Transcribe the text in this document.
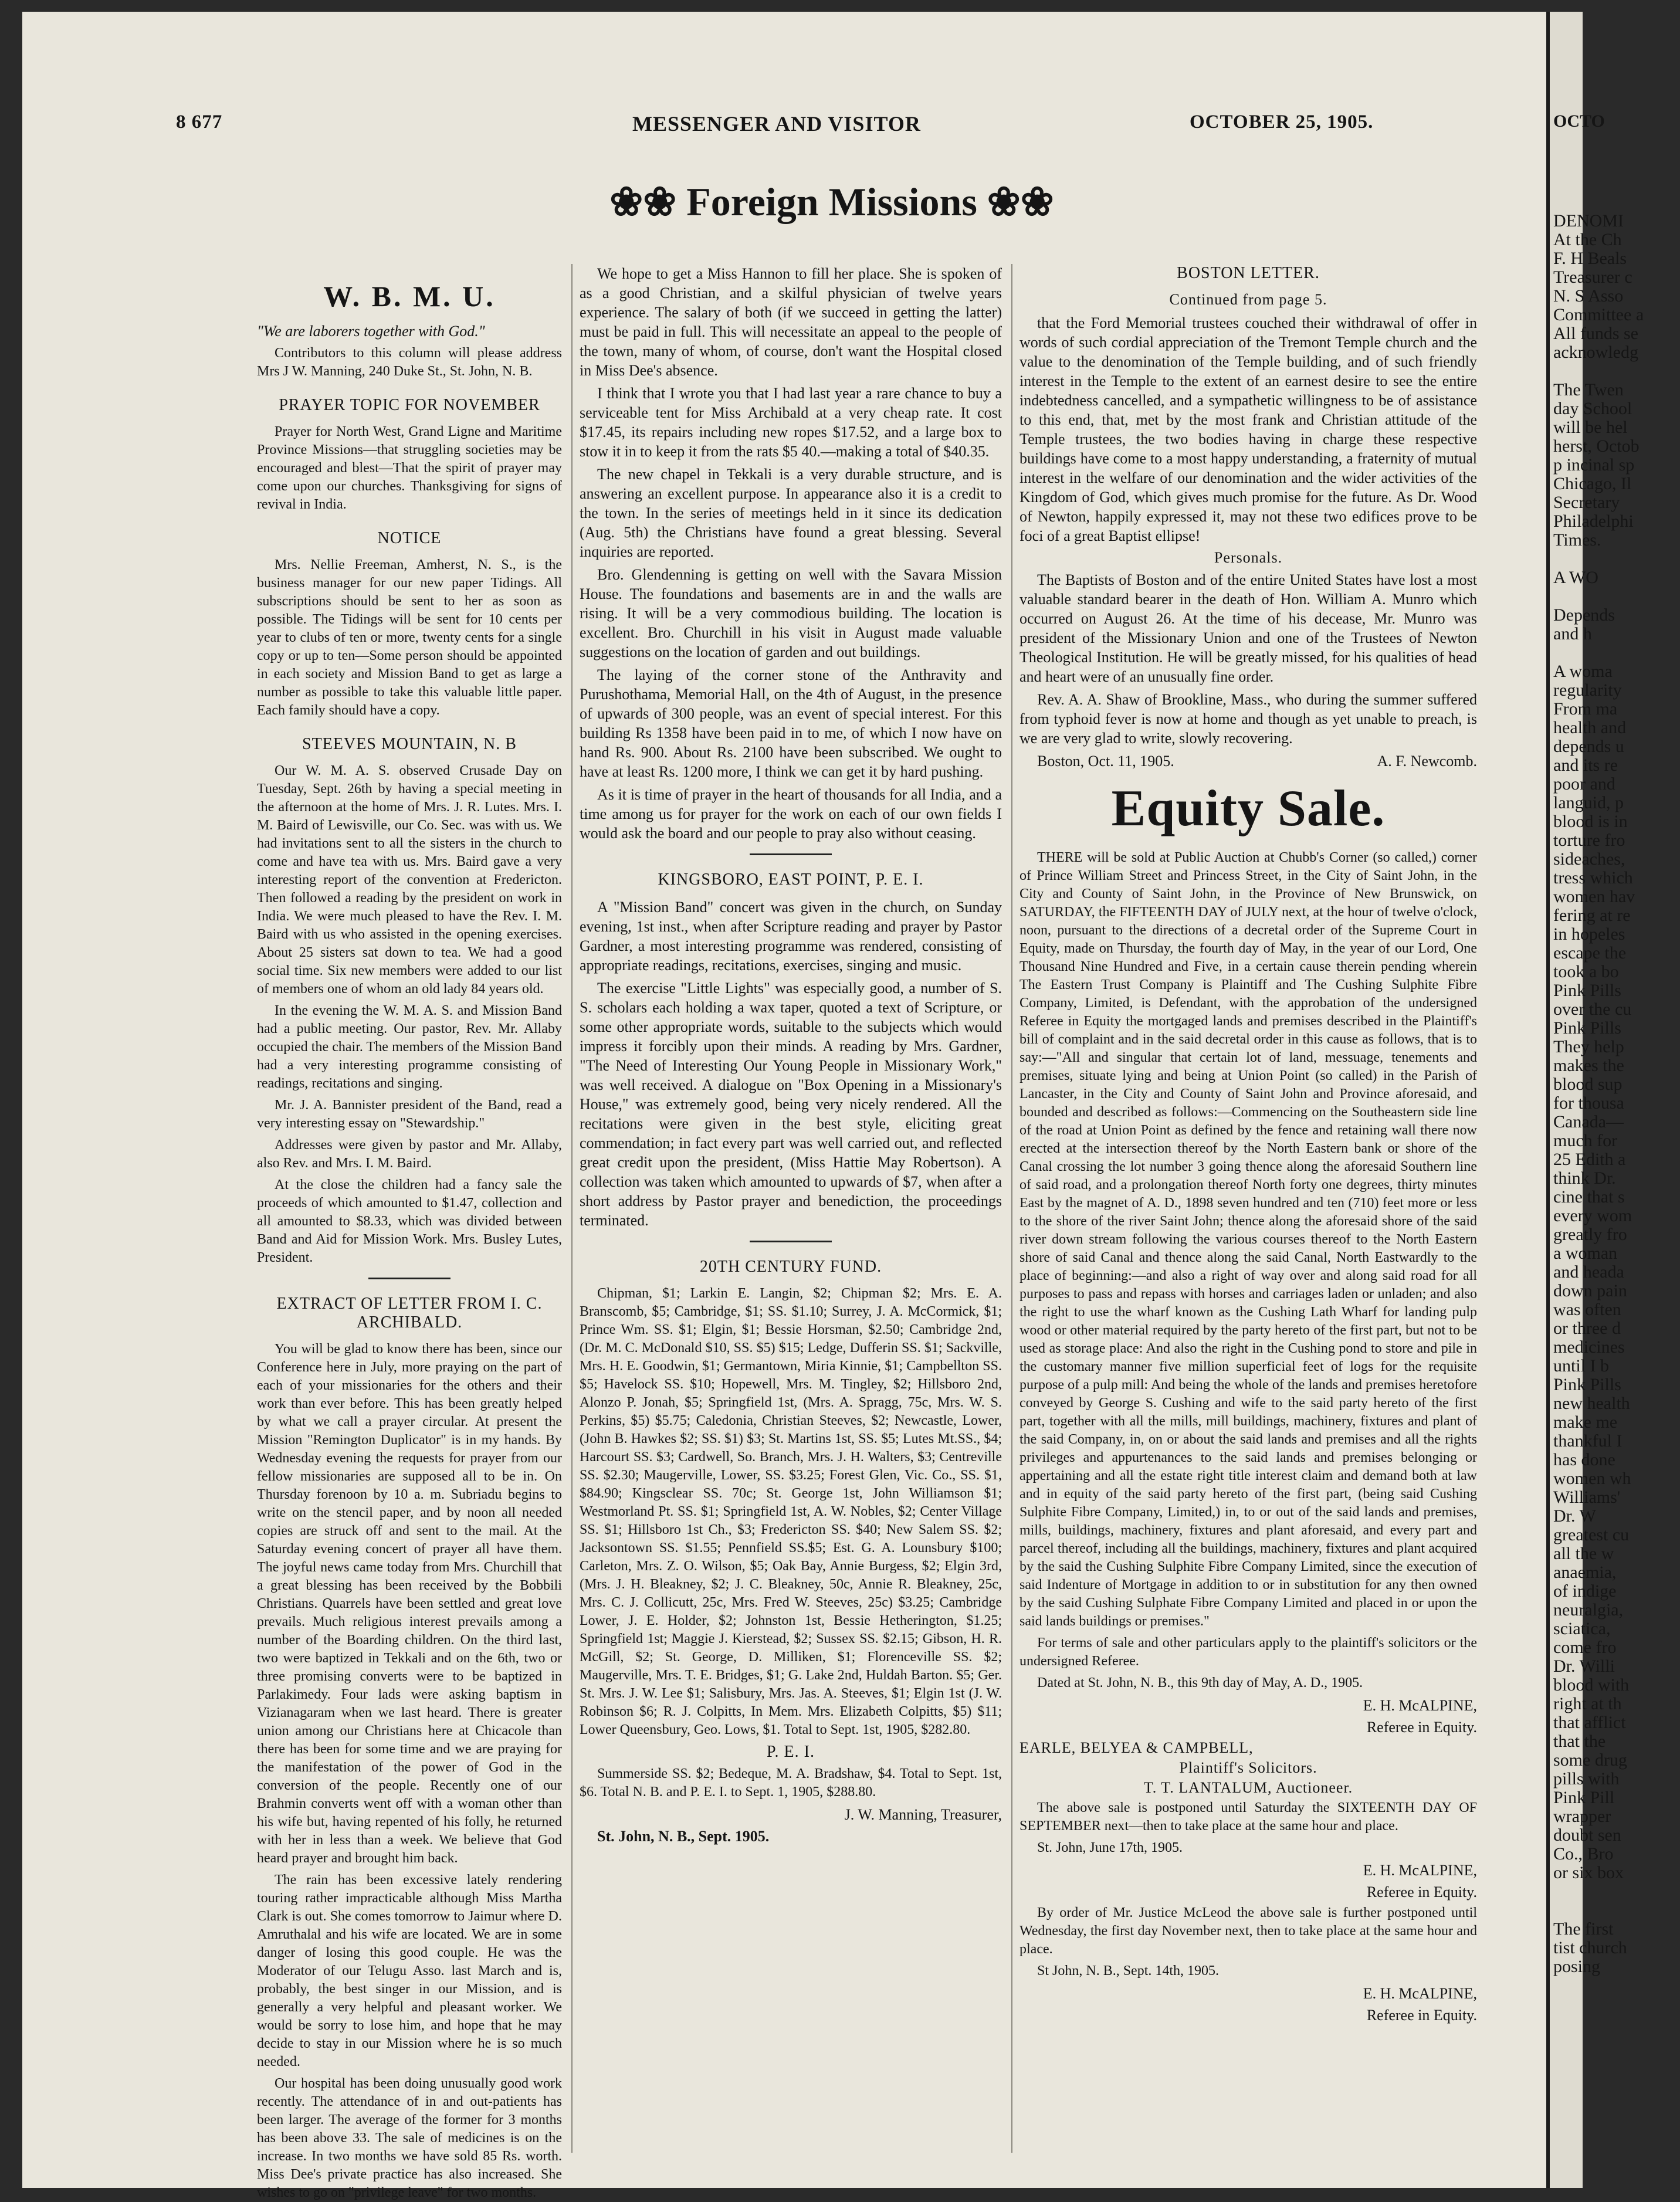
8 677	MESSENGER AND VISITOR	OCTOBER 25, 1905.
❀❀ Foreign Missions ❀❀
W. B. M. U.

"We are laborers together with God."

Contributors to this column will please address Mrs J W. Manning, 240 Duke St., St. John, N. B.

PRAYER TOPIC FOR NOVEMBER

Prayer for North West, Grand Ligne and Maritime Province Missions—that struggling societies may be encouraged and blest—That the spirit of prayer may come upon our churches. Thanksgiving for signs of revival in India.

NOTICE

Mrs. Nellie Freeman, Amherst, N. S., is the business manager for our new paper Tidings. All subscriptions should be sent to her as soon as possible. The Tidings will be sent for 10 cents per year to clubs of ten or more, twenty cents for a single copy or up to ten—Some person should be appointed in each society and Mission Band to get as large a number as possible to take this valuable little paper. Each family should have a copy.

STEEVES MOUNTAIN, N. B

Our W. M. A. S. observed Crusade Day on Tuesday, Sept. 26th by having a special meeting in the afternoon at the home of Mrs. J. R. Lutes. Mrs. I. M. Baird of Lewisville, our Co. Sec. was with us. We had invitations sent to all the sisters in the church to come and have tea with us. Mrs. Baird gave a very interesting report of the convention at Fredericton. Then followed a reading by the president on work in India. We were much pleased to have the Rev. I. M. Baird with us who assisted in the opening exercises. About 25 sisters sat down to tea. We had a good social time. Six new members were added to our list of members one of whom an old lady 84 years old.

In the evening the W. M. A. S. and Mission Band had a public meeting. Our pastor, Rev. Mr. Allaby occupied the chair. The members of the Mission Band had a very interesting programme consisting of readings, recitations and singing.

Mr. J. A. Bannister president of the Band, read a very interesting essay on "Stewardship."

Addresses were given by pastor and Mr. Allaby, also Rev. and Mrs. I. M. Baird.

At the close the children had a fancy sale the proceeds of which amounted to $1.47, collection and all amounted to $8.33, which was divided between Band and Aid for Mission Work. Mrs. Busley Lutes, President.

EXTRACT OF LETTER FROM I. C. ARCHIBALD.

You will be glad to know there has been, since our Conference here in July, more praying on the part of each of your missionaries for the others and their work than ever before. This has been greatly helped by what we call a prayer circular. At present the Mission "Remington Duplicator" is in my hands. By Wednesday evening the requests for prayer from our fellow missionaries are supposed all to be in. On Thursday forenoon by 10 a. m. Subriadu begins to write on the stencil paper, and by noon all needed copies are struck off and sent to the mail. At the Saturday evening concert of prayer all have them. The joyful news came today from Mrs. Churchill that a great blessing has been received by the Bobbili Christians. Quarrels have been settled and great love prevails. Much religious interest prevails among a number of the Boarding children. On the third last, two were baptized in Tekkali and on the 6th, two or three promising converts were to be baptized in Parlakimedy. Four lads were asking baptism in Vizianagaram when we last heard. There is greater union among our Christians here at Chicacole than there has been for some time and we are praying for the manifestation of the power of God in the conversion of the people. Recently one of our Brahmin converts went off with a woman other than his wife but, having repented of his folly, he returned with her in less than a week. We believe that God heard prayer and brought him back.

The rain has been excessive lately rendering touring rather impracticable although Miss Martha Clark is out. She comes tomorrow to Jaimur where D. Amruthalal and his wife are located. We are in some danger of losing this good couple. He was the Moderator of our Telugu Asso. last March and is, probably, the best singer in our Mission, and is generally a very helpful and pleasant worker. We would be sorry to lose him, and hope that he may decide to stay in our Mission where he is so much needed.

Our hospital has been doing unusually good work recently. The attendance of in and out-patients has been larger. The average of the former for 3 months has been above 33. The sale of medicines is on the increase. In two months we have sold 85 Rs. worth. Miss Dee's private practice has also increased. She wishes to go on "privilege leave" for two months.

We hope to get a Miss Hannon to fill her place. She is spoken of as a good Christian, and a skilful physician of twelve years experience. The salary of both (if we succeed in getting the latter) must be paid in full. This will necessitate an appeal to the people of the town, many of whom, of course, don't want the Hospital closed in Miss Dee's absence.

I think that I wrote you that I had last year a rare chance to buy a serviceable tent for Miss Archibald at a very cheap rate. It cost $17.45, its repairs including new ropes $17.52, and a large box to stow it in to keep it from the rats $5 40.—making a total of $40.35.

The new chapel in Tekkali is a very durable structure, and is answering an excellent purpose. In appearance also it is a credit to the town. In the series of meetings held in it since its dedication (Aug. 5th) the Christians have found a great blessing. Several inquiries are reported.

Bro. Glendenning is getting on well with the Savara Mission House. The foundations and basements are in and the walls are rising. It will be a very commodious building. The location is excellent. Bro. Churchill in his visit in August made valuable suggestions on the location of garden and out buildings.

The laying of the corner stone of the Anthravity and Purushothama, Memorial Hall, on the 4th of August, in the presence of upwards of 300 people, was an event of special interest. For this building Rs 1358 have been paid in to me, of which I now have on hand Rs. 900. About Rs. 2100 have been subscribed. We ought to have at least Rs. 1200 more, I think we can get it by hard pushing.

As it is time of prayer in the heart of thousands for all India, and a time among us for prayer for the work on each of our own fields I would ask the board and our people to pray also without ceasing.

KINGSBORO, EAST POINT, P. E. I.

A "Mission Band" concert was given in the church, on Sunday evening, 1st inst., when after Scripture reading and prayer by Pastor Gardner, a most interesting programme was rendered, consisting of appropriate readings, recitations, exercises, singing and music.

The exercise "Little Lights" was especially good, a number of S. S. scholars each holding a wax taper, quoted a text of Scripture, or some other appropriate words, suitable to the subjects which would impress it forcibly upon their minds. A reading by Mrs. Gardner, "The Need of Interesting Our Young People in Missionary Work," was well received. A dialogue on "Box Opening in a Missionary's House," was extremely good, being very nicely rendered. All the recitations were given in the best style, eliciting great commendation; in fact every part was well carried out, and reflected great credit upon the president, (Miss Hattie May Robertson). A collection was taken which amounted to upwards of $7, when after a short address by Pastor prayer and benediction, the proceedings terminated.

20TH CENTURY FUND.

Chipman, $1; Larkin E. Langin, $2; Chipman $2; Mrs. E. A. Branscomb, $5; Cambridge, $1; SS. $1.10; Surrey, J. A. McCormick, $1; Prince Wm. SS. $1; Elgin, $1; Bessie Horsman, $2.50; Cambridge 2nd, (Dr. M. C. McDonald $10, SS. $5) $15; Ledge, Dufferin SS. $1; Sackville, Mrs. H. E. Goodwin, $1; Germantown, Miria Kinnie, $1; Campbellton SS. $5; Havelock SS. $10; Hopewell, Mrs. M. Tingley, $2; Hillsboro 2nd, Alonzo P. Jonah, $5; Springfield 1st, (Mrs. A. Spragg, 75c, Mrs. W. S. Perkins, $5) $5.75; Caledonia, Christian Steeves, $2; Newcastle, Lower, (John B. Hawkes $2; SS. $1) $3; St. Martins 1st, SS. $5; Lutes Mt.SS., $4; Harcourt SS. $3; Cardwell, So. Branch, Mrs. J. H. Walters, $3; Centreville SS. $2.30; Maugerville, Lower, SS. $3.25; Forest Glen, Vic. Co., SS. $1, $84.90; Kingsclear SS. 70c; St. George 1st, John Williamson $1; Westmorland Pt. SS. $1; Springfield 1st, A. W. Nobles, $2; Center Village SS. $1; Hillsboro 1st Ch., $3; Fredericton SS. $40; New Salem SS. $2; Jacksontown SS. $1.55; Pennfield SS.$5; Est. G. A. Lounsbury $100; Carleton, Mrs. Z. O. Wilson, $5; Oak Bay, Annie Burgess, $2; Elgin 3rd, (Mrs. J. H. Bleakney, $2; J. C. Bleakney, 50c, Annie R. Bleakney, 25c, Mrs. C. J. Collicutt, 25c, Mrs. Fred W. Steeves, 25c) $3.25; Cambridge Lower, J. E. Holder, $2; Johnston 1st, Bessie Hetherington, $1.25; Springfield 1st; Maggie J. Kierstead, $2; Sussex SS. $2.15; Gibson, H. R. McGill, $2; St. George, D. Milliken, $1; Florenceville SS. $2; Maugerville, Mrs. T. E. Bridges, $1; G. Lake 2nd, Huldah Barton. $5; Ger. St. Mrs. J. W. Lee $1; Salisbury, Mrs. Jas. A. Steeves, $1; Elgin 1st (J. W. Robinson $6; R. J. Colpitts, In Mem. Mrs. Elizabeth Colpitts, $5) $11; Lower Queensbury, Geo. Lows, $1. Total to Sept. 1st, 1905, $282.80.

P. E. I.

Summerside SS. $2; Bedeque, M. A. Bradshaw, $4. Total to Sept. 1st, $6. Total N. B. and P. E. I. to Sept. 1, 1905, $288.80.

J. W. Manning, Treasurer,

St. John, N. B., Sept. 1905.

BOSTON LETTER.
Continued from page 5.

that the Ford Memorial trustees couched their withdrawal of offer in words of such cordial appreciation of the Tremont Temple church and the value to the denomination of the Temple building, and of such friendly interest in the Temple to the extent of an earnest desire to see the entire indebtedness cancelled, and a sympathetic willingness to be of assistance to this end, that, met by the most frank and Christian attitude of the Temple trustees, the two bodies having in charge these respective buildings have come to a most happy understanding, a fraternity of mutual interest in the welfare of our denomination and the wider activities of the Kingdom of God, which gives much promise for the future. As Dr. Wood of Newton, happily expressed it, may not these two edifices prove to be foci of a great Baptist ellipse!

Personals.

The Baptists of Boston and of the entire United States have lost a most valuable standard bearer in the death of Hon. William A. Munro which occurred on August 26. At the time of his decease, Mr. Munro was president of the Missionary Union and one of the Trustees of Newton Theological Institution. He will be greatly missed, for his qualities of head and heart were of an unusually fine order.

Rev. A. A. Shaw of Brookline, Mass., who during the summer suffered from typhoid fever is now at home and though as yet unable to preach, is we are very glad to write, slowly recovering.

Boston, Oct. 11, 1905.	A. F. Newcomb.

Equity Sale.

THERE will be sold at Public Auction at Chubb's Corner (so called,) corner of Prince William Street and Princess Street, in the City of Saint John, in the City and County of Saint John, in the Province of New Brunswick, on SATURDAY, the FIFTEENTH DAY of JULY next, at the hour of twelve o'clock, noon, pursuant to the directions of a decretal order of the Supreme Court in Equity, made on Thursday, the fourth day of May, in the year of our Lord, One Thousand Nine Hundred and Five, in a certain cause therein pending wherein The Eastern Trust Company is Plaintiff and The Cushing Sulphite Fibre Company, Limited, is Defendant, with the approbation of the undersigned Referee in Equity the mortgaged lands and premises described in the Plaintiff's bill of complaint and in the said decretal order in this cause as follows, that is to say:—"All and singular that certain lot of land, messuage, tenements and premises, situate lying and being at Union Point (so called) in the Parish of Lancaster, in the City and County of Saint John and Province aforesaid, and bounded and described as follows:—Commencing on the Southeastern side line of the road at Union Point as defined by the fence and retaining wall there now erected at the intersection thereof by the North Eastern bank or shore of the Canal crossing the lot number 3 going thence along the aforesaid Southern line of said road, and a prolongation thereof North forty one degrees, thirty minutes East by the magnet of A. D., 1898 seven hundred and ten (710) feet more or less to the shore of the river Saint John; thence along the aforesaid shore of the said river down stream following the various courses thereof to the North Eastern shore of said Canal and thence along the said Canal, North Eastwardly to the place of beginning:—and also a right of way over and along said road for all purposes to pass and repass with horses and carriages laden or unladen; and also the right to use the wharf known as the Cushing Lath Wharf for landing pulp wood or other material required by the party hereto of the first part, but not to be used as storage place: And also the right in the Cushing pond to store and pile in the customary manner five million superficial feet of logs for the requisite purpose of a pulp mill: And being the whole of the lands and premises heretofore conveyed by George S. Cushing and wife to the said party hereto of the first part, together with all the mills, mill buildings, machinery, fixtures and plant of the said Company, in, on or about the said lands and premises and all the rights privileges and appurtenances to the said lands and premises belonging or appertaining and all the estate right title interest claim and demand both at law and in equity of the said party hereto of the first part, (being said Cushing Sulphite Fibre Company, Limited,) in, to or out of the said lands and premises, mills, buildings, machinery, fixtures and plant aforesaid, and every part and parcel thereof, including all the buildings, machinery, fixtures and plant acquired by the said the Cushing Sulphite Fibre Company Limited, since the execution of said Indenture of Mortgage in addition to or in substitution for any then owned by the said Cushing Sulphate Fibre Company Limited and placed in or upon the said lands buildings or premises."

For terms of sale and other particulars apply to the plaintiff's solicitors or the undersigned Referee.

Dated at St. John, N. B., this 9th day of May, A. D., 1905.

E. H. McALPINE,
Referee in Equity.
EARLE, BELYEA & CAMPBELL,
Plaintiff's Solicitors.
T. T. LANTALUM, Auctioneer.

The above sale is postponed until Saturday the SIXTEENTH DAY OF SEPTEMBER next—then to take place at the same hour and place.

St. John, June 17th, 1905.

E. H. McALPINE,
Referee in Equity.

By order of Mr. Justice McLeod the above sale is further postponed until Wednesday, the first day November next, then to take place at the same hour and place.

St John, N. B., Sept. 14th, 1905.

E. H. McALPINE,
Referee in Equity.

OCTO

DENOMI

At the Ch

F. H Beals

Treasurer c

N. S Asso

Committee a

All funds se

acknowledg

The Twen

day School

will be hel

herst, Octob

p incinal sp

Chicago, Il

Secretary

Philadelphi

Times.

A WO

Depends

and h

A woma

regularity

From ma

health and

depends u

and its re

poor and

languid, p

blood is in

torture fro

sideaches,

tress which

women hav

fering at re

in hopeles

escape the

took a bo

Pink Pills

over the cu

Pink Pills

They help

makes the

blood sup

for thousa

Canada—

much for

25 Edith a

think Dr.

cine that s

every wom

greatly fro

a woman

and heada

down pain

was often

or three d

medicines

until I b

Pink Pills

new health

make me

thankful I

has done

women wh

Williams'

Dr. W

greatest cu

all the w

anaemia,

of indige

neuralgia,

sciatica,

come fro

Dr. Willi

blood with

right at th

that afflict

that the

some drug

pills with

Pink Pill

wrapper

doubt sen

Co., Bro

or six box

The first

tist church

posing
